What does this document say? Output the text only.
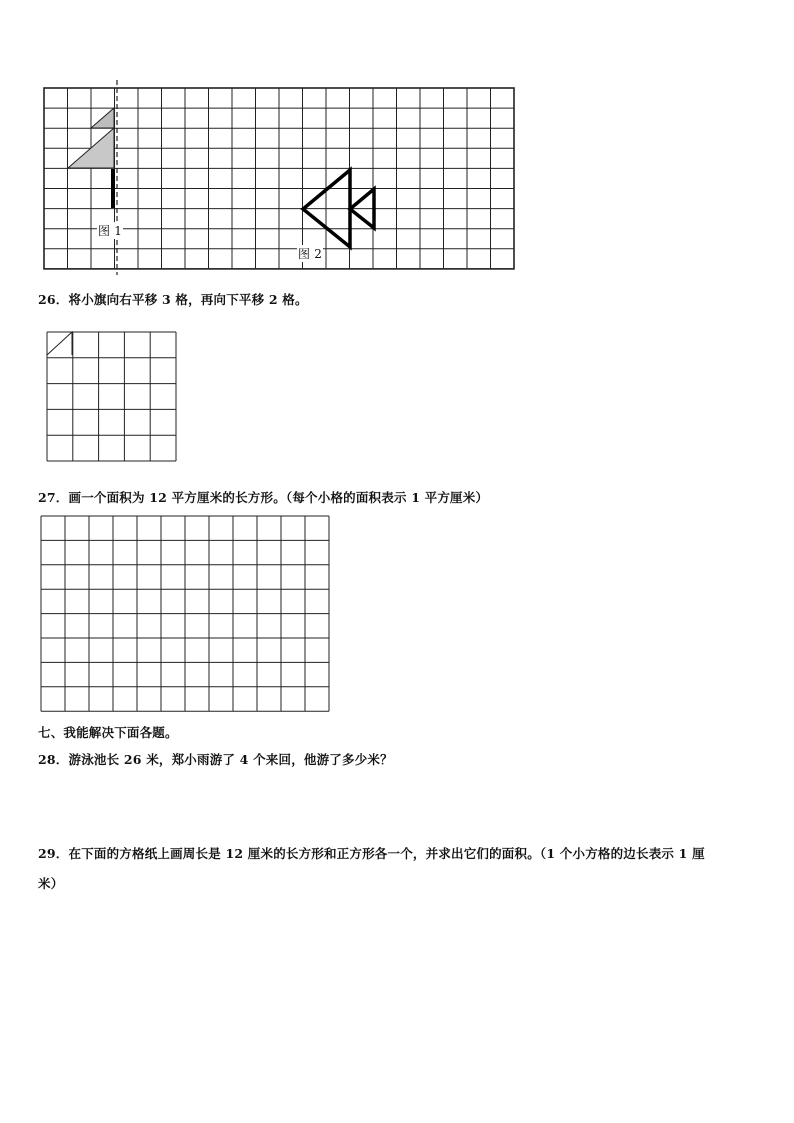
图 1
图 2
26．将小旗向右平移 3 格，再向下平移 2 格。
27．画一个面积为 12 平方厘米的长方形。（每个小格的面积表示 1 平方厘米）
七、我能解决下面各题。
28．游泳池长 26 米，郑小雨游了 4 个来回，他游了多少米？
29．在下面的方格纸上画周长是 12 厘米的长方形和正方形各一个，并求出它们的面积。（1 个小方格的边长表示 1 厘
米）
